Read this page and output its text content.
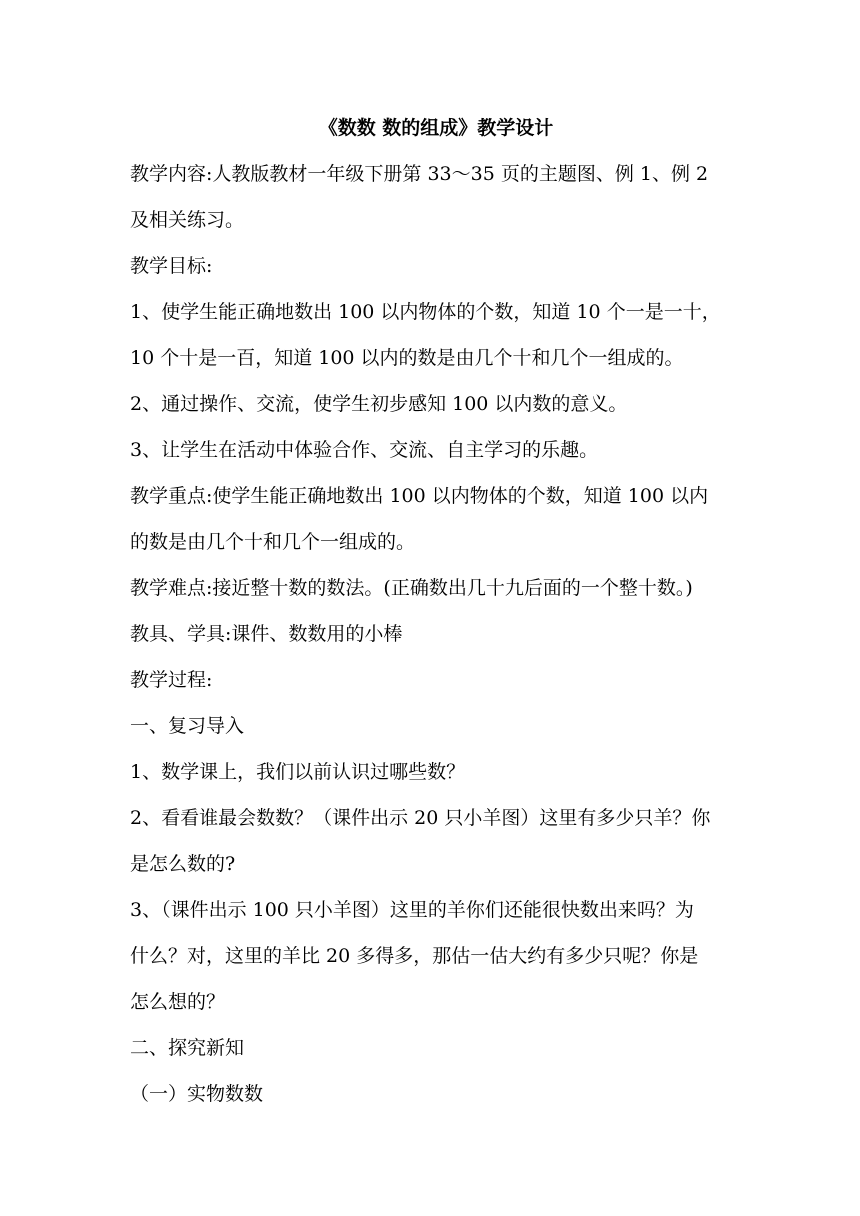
《数数 数的组成》教学设计

教学内容:人教版教材一年级下册第 33～35 页的主题图、例 1、例 2

及相关练习。

教学目标:

1、使学生能正确地数出 100 以内物体的个数，知道 10 个一是一十，

10 个十是一百，知道 100 以内的数是由几个十和几个一组成的。

2、通过操作、交流，使学生初步感知 100 以内数的意义。

3、让学生在活动中体验合作、交流、自主学习的乐趣。

教学重点:使学生能正确地数出 100 以内物体的个数，知道 100 以内

的数是由几个十和几个一组成的。

教学难点:接近整十数的数法。(正确数出几十九后面的一个整十数。)

教具、学具:课件、数数用的小棒

教学过程:

一、复习导入

1、数学课上，我们以前认识过哪些数？

2、看看谁最会数数？（课件出示 20 只小羊图）这里有多少只羊？你

是怎么数的?

3、（课件出示 100 只小羊图）这里的羊你们还能很快数出来吗？为

什么？对，这里的羊比 20 多得多，那估一估大约有多少只呢？你是

怎么想的？

二、探究新知

（一）实物数数
